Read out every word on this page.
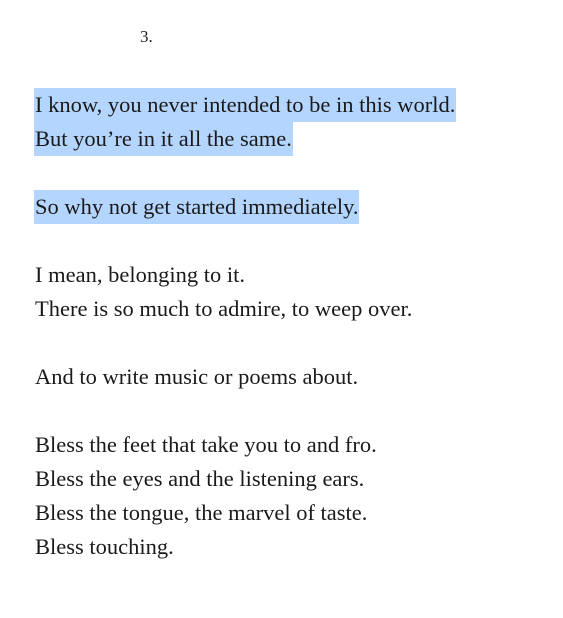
3.
I know, you never intended to be in this world.
But you’re in it all the same.
So why not get started immediately.
I mean, belonging to it.
There is so much to admire, to weep over.
And to write music or poems about.
Bless the feet that take you to and fro.
Bless the eyes and the listening ears.
Bless the tongue, the marvel of taste.
Bless touching.
